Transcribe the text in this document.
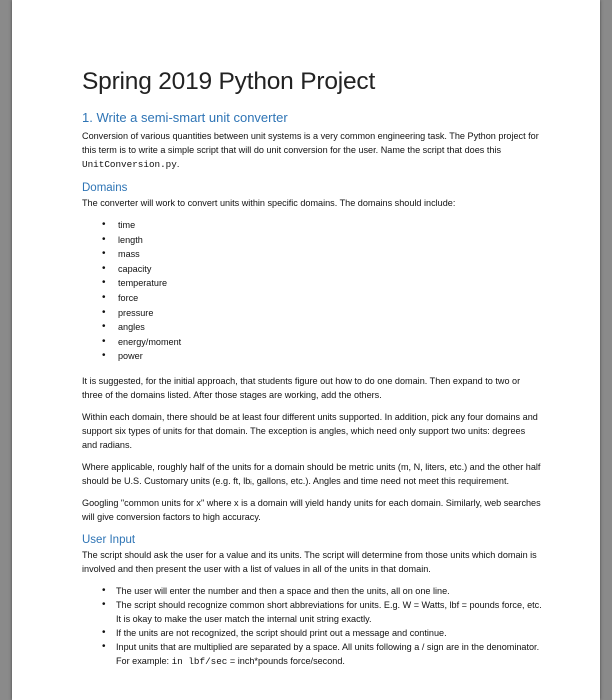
Spring 2019 Python Project
1. Write a semi-smart unit converter

Conversion of various quantities between unit systems is a very common engineering task. The Python project for this term is to write a simple script that will do unit conversion for the user. Name the script that does this UnitConversion.py.

Domains

The converter will work to convert units within specific domains. The domains should include:

• time
• length
• mass
• capacity
• temperature
• force
• pressure
• angles
• energy/moment
• power

It is suggested, for the initial approach, that students figure out how to do one domain. Then expand to two or three of the domains listed. After those stages are working, add the others.

Within each domain, there should be at least four different units supported. In addition, pick any four domains and support six types of units for that domain. The exception is angles, which need only support two units: degrees and radians.

Where applicable, roughly half of the units for a domain should be metric units (m, N, liters, etc.) and the other half should be U.S. Customary units (e.g. ft, lbᵢ, gallons, etc.). Angles and time need not meet this requirement.

Googling "common units for x" where x is a domain will yield handy units for each domain. Similarly, web searches will give conversion factors to high accuracy.

User Input

The script should ask the user for a value and its units. The script will determine from those units which domain is involved and then present the user with a list of values in all of the units in that domain.

• The user will enter the number and then a space and then the units, all on one line.
• The script should recognize common short abbreviations for units. E.g. W = Watts, lbf = pounds force, etc. It is okay to make the user match the internal unit string exactly.
• If the units are not recognized, the script should print out a message and continue.
• Input units that are multiplied are separated by a space. All units following a / sign are in the denominator. For example: in lbf/sec = inch*pounds force/second.
